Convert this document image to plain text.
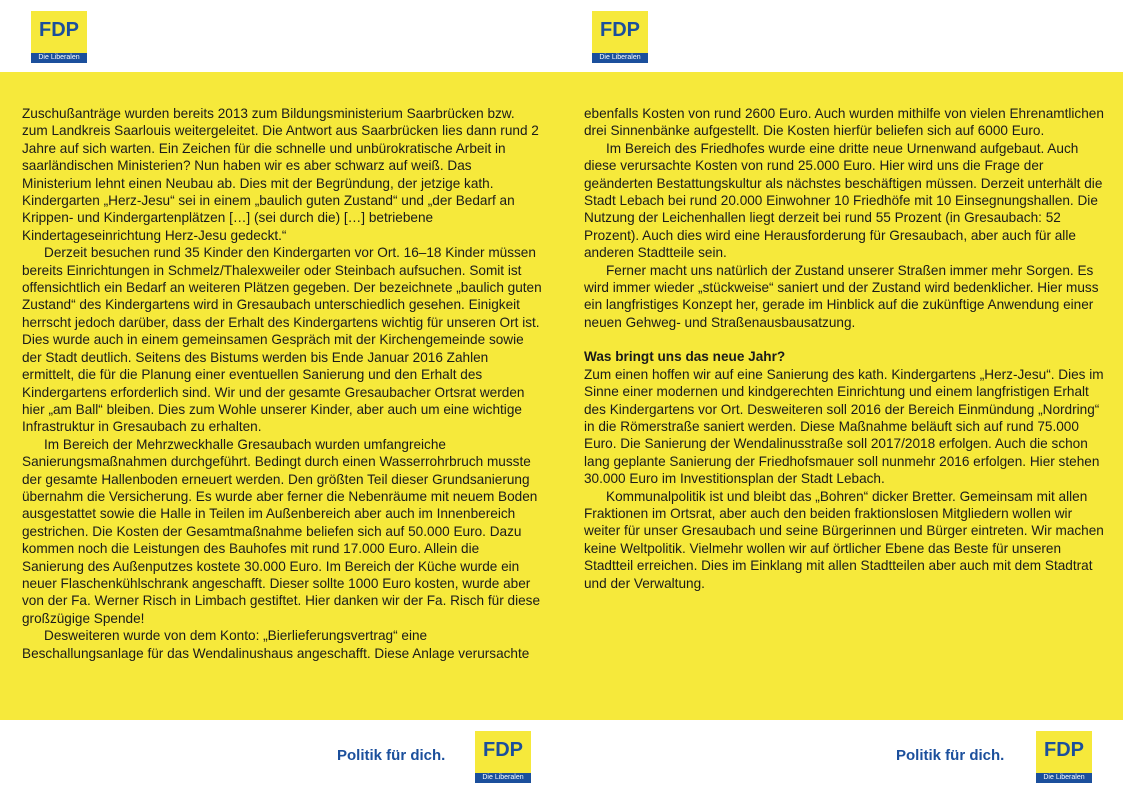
FDP
Die Liberalen
FDP
Die Liberalen

Zuschußanträge wurden bereits 2013 zum Bildungsministerium Saarbrücken bzw. zum Landkreis Saarlouis weitergeleitet. Die Antwort aus Saarbrücken lies dann rund 2 Jahre auf sich warten. Ein Zeichen für die schnelle und unbürokratische Arbeit in saarländischen Ministerien? Nun haben wir es aber schwarz auf weiß. Das Ministerium lehnt einen Neubau ab. Dies mit der Begründung, der jetzige kath. Kindergarten „Herz-Jesu“ sei in einem „baulich guten Zustand“ und „der Bedarf an Krippen- und Kindergartenplätzen […] (sei durch die) […] betriebene Kindertageseinrichtung Herz-Jesu gedeckt.“

Derzeit besuchen rund 35 Kinder den Kindergarten vor Ort. 16–18 Kinder müssen bereits Einrichtungen in Schmelz/Thalexweiler oder Steinbach aufsuchen. Somit ist offensichtlich ein Bedarf an weiteren Plätzen gegeben. Der bezeichnete „baulich guten Zustand“ des Kindergartens wird in Gresaubach unterschiedlich gesehen. Einigkeit herrscht jedoch darüber, dass der Erhalt des Kindergartens wichtig für unseren Ort ist. Dies wurde auch in einem gemeinsamen Gespräch mit der Kirchengemeinde sowie der Stadt deutlich. Seitens des Bistums werden bis Ende Januar 2016 Zahlen ermittelt, die für die Planung einer eventuellen Sanierung und den Erhalt des Kindergartens erforderlich sind. Wir und der gesamte Gresaubacher Ortsrat werden hier „am Ball“ bleiben. Dies zum Wohle unserer Kinder, aber auch um eine wichtige Infrastruktur in Gresaubach zu erhalten.

Im Bereich der Mehrzweckhalle Gresaubach wurden umfangreiche Sanierungsmaßnahmen durchgeführt. Bedingt durch einen Wasserrohrbruch musste der gesamte Hallenboden erneuert werden. Den größten Teil dieser Grundsanierung übernahm die Versicherung. Es wurde aber ferner die Nebenräume mit neuem Boden ausgestattet sowie die Halle in Teilen im Außenbereich aber auch im Innenbereich gestrichen. Die Kosten der Gesamtmaßnahme beliefen sich auf 50.000 Euro. Dazu kommen noch die Leistungen des Bauhofes mit rund 17.000 Euro. Allein die Sanierung des Außenputzes kostete 30.000 Euro. Im Bereich der Küche wurde ein neuer Flaschenkühlschrank angeschafft. Dieser sollte 1000 Euro kosten, wurde aber von der Fa. Werner Risch in Limbach gestiftet. Hier danken wir der Fa. Risch für diese großzügige Spende!

Desweiteren wurde von dem Konto: „Bierlieferungsvertrag“ eine Beschallungsanlage für das Wendalinushaus angeschafft. Diese Anlage verursachte

ebenfalls Kosten von rund 2600 Euro. Auch wurden mithilfe von vielen Ehrenamtlichen drei Sinnenbänke aufgestellt. Die Kosten hierfür beliefen sich auf 6000 Euro.

Im Bereich des Friedhofes wurde eine dritte neue Urnenwand aufgebaut. Auch diese verursachte Kosten von rund 25.000 Euro. Hier wird uns die Frage der geänderten Bestattungskultur als nächstes beschäftigen müssen. Derzeit unterhält die Stadt Lebach bei rund 20.000 Einwohner 10 Friedhöfe mit 10 Einsegnungshallen. Die Nutzung der Leichenhallen liegt derzeit bei rund 55 Prozent (in Gresaubach: 52 Prozent). Auch dies wird eine Herausforderung für Gresaubach, aber auch für alle anderen Stadtteile sein.

Ferner macht uns natürlich der Zustand unserer Straßen immer mehr Sorgen. Es wird immer wieder „stückweise“ saniert und der Zustand wird bedenklicher. Hier muss ein langfristiges Konzept her, gerade im Hinblick auf die zukünftige Anwendung einer neuen Gehweg- und Straßenausbausatzung.

Was bringt uns das neue Jahr?

Zum einen hoffen wir auf eine Sanierung des kath. Kindergartens „Herz-Jesu“. Dies im Sinne einer modernen und kindgerechten Einrichtung und einem langfristigen Erhalt des Kindergartens vor Ort. Desweiteren soll 2016 der Bereich Einmündung „Nordring“ in die Römerstraße saniert werden. Diese Maßnahme beläuft sich auf rund 75.000 Euro. Die Sanierung der Wendalinusstraße soll 2017/2018 erfolgen. Auch die schon lang geplante Sanierung der Friedhofsmauer soll nunmehr 2016 erfolgen. Hier stehen 30.000 Euro im Investitionsplan der Stadt Lebach.

Kommunalpolitik ist und bleibt das „Bohren“ dicker Bretter. Gemeinsam mit allen Fraktionen im Ortsrat, aber auch den beiden fraktionslosen Mitgliedern wollen wir weiter für unser Gresaubach und seine Bürgerinnen und Bürger eintreten. Wir machen keine Weltpolitik. Vielmehr wollen wir auf örtlicher Ebene das Beste für unseren Stadtteil erreichen. Dies im Einklang mit allen Stadtteilen aber auch mit dem Stadtrat und der Verwaltung.

Politik für dich.	FDP
Die Liberalen
Politik für dich.	FDP
Die Liberalen
